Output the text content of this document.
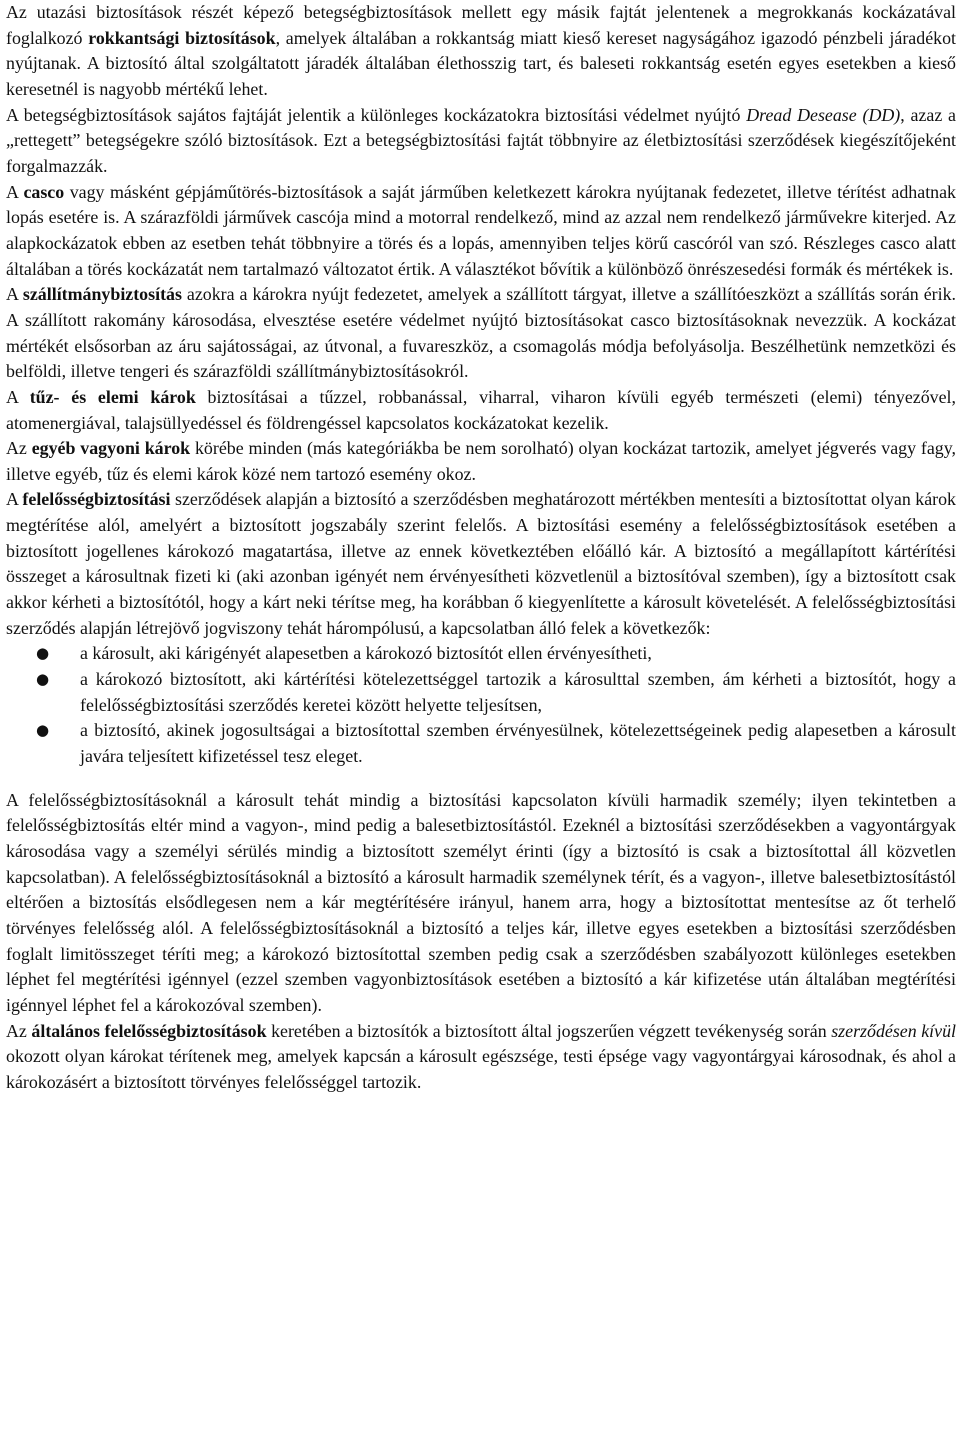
Az utazási biztosítások részét képező betegségbiztosítások mellett egy másik fajtát jelentenek a megrokkanás kockázatával foglalkozó rokkantsági biztosítások, amelyek általában a rokkantság miatt kieső kereset nagyságához igazodó pénzbeli járadékot nyújtanak. A biztosító által szolgáltatott járadék általában élethosszig tart, és baleseti rokkantság esetén egyes esetekben a kieső keresetnél is nagyobb mértékű lehet.

A betegségbiztosítások sajátos fajtáját jelentik a különleges kockázatokra biztosítási védelmet nyújtó Dread Desease (DD), azaz a „rettegett” betegségekre szóló biztosítások. Ezt a betegségbiztosítási fajtát többnyire az életbiztosítási szerződések kiegészítőjeként forgalmazzák.

A casco vagy másként gépjáműtörés-biztosítások a saját járműben keletkezett károkra nyújtanak fedezetet, illetve térítést adhatnak lopás esetére is. A szárazföldi járművek cascója mind a motorral rendelkező, mind az azzal nem rendelkező járművekre kiterjed. Az alapkockázatok ebben az esetben tehát többnyire a törés és a lopás, amennyiben teljes körű cascóról van szó. Részleges casco alatt általában a törés kockázatát nem tartalmazó változatot értik. A választékot bővítik a különböző önrészesedési formák és mértékek is.

A szállítmánybiztosítás azokra a károkra nyújt fedezetet, amelyek a szállított tárgyat, illetve a szállítóeszközt a szállítás során érik. A szállított rakomány károsodása, elvesztése esetére védelmet nyújtó biztosításokat casco biztosításoknak nevezzük. A kockázat mértékét elsősorban az áru sajátosságai, az útvonal, a fuvareszköz, a csomagolás módja befolyásolja. Beszélhetünk nemzetközi és belföldi, illetve tengeri és szárazföldi szállítmánybiztosításokról.

A tűz- és elemi károk biztosításai a tűzzel, robbanással, viharral, viharon kívüli egyéb természeti (elemi) tényezővel, atomenergiával, talajsüllyedéssel és földrengéssel kapcsolatos kockázatokat kezelik.

Az egyéb vagyoni károk körébe minden (más kategóriákba be nem sorolható) olyan kockázat tartozik, amelyet jégverés vagy fagy, illetve egyéb, tűz és elemi károk közé nem tartozó esemény okoz.

A felelősségbiztosítási szerződések alapján a biztosító a szerződésben meghatározott mértékben mentesíti a biztosítottat olyan károk megtérítése alól, amelyért a biztosított jogszabály szerint felelős. A biztosítási esemény a felelősségbiztosítások esetében a biztosított jogellenes károkozó magatartása, illetve az ennek következtében előálló kár. A biztosító a megállapított kártérítési összeget a károsultnak fizeti ki (aki azonban igényét nem érvényesítheti közvetlenül a biztosítóval szemben), így a biztosított csak akkor kérheti a biztosítótól, hogy a kárt neki térítse meg, ha korábban ő kiegyenlítette a károsult követelését. A felelősségbiztosítási szerződés alapján létrejövő jogviszony tehát hárompólusú, a kapcsolatban álló felek a következők:

● a károsult, aki kárigényét alapesetben a károkozó biztosítót ellen érvényesítheti,
● a károkozó biztosított, aki kártérítési kötelezettséggel tartozik a károsulttal szemben, ám kérheti a biztosítót, hogy a felelősségbiztosítási szerződés keretei között helyette teljesítsen,
● a biztosító, akinek jogosultságai a biztosítottal szemben érvényesülnek, kötelezettségeinek pedig alapesetben a károsult javára teljesített kifizetéssel tesz eleget.

A felelősségbiztosításoknál a károsult tehát mindig a biztosítási kapcsolaton kívüli harmadik személy; ilyen tekintetben a felelősségbiztosítás eltér mind a vagyon-, mind pedig a balesetbiztosítástól. Ezeknél a biztosítási szerződésekben a vagyontárgyak károsodása vagy a személyi sérülés mindig a biztosított személyt érinti (így a biztosító is csak a biztosítottal áll közvetlen kapcsolatban). A felelősségbiztosításoknál a biztosító a károsult harmadik személynek térít, és a vagyon-, illetve balesetbiztosítástól eltérően a biztosítás elsődlegesen nem a kár megtérítésére irányul, hanem arra, hogy a biztosítottat mentesítse az őt terhelő törvényes felelősség alól. A felelősségbiztosításoknál a biztosító a teljes kár, illetve egyes esetekben a biztosítási szerződésben foglalt limitösszeget téríti meg; a károkozó biztosítottal szemben pedig csak a szerződésben szabályozott különleges esetekben léphet fel megtérítési igénnyel (ezzel szemben vagyonbiztosítások esetében a biztosító a kár kifizetése után általában megtérítési igénnyel léphet fel a károkozóval szemben).

Az általános felelősségbiztosítások keretében a biztosítók a biztosított által jogszerűen végzett tevékenység során szerződésen kívül okozott olyan károkat térítenek meg, amelyek kapcsán a károsult egészsége, testi épsége vagy vagyontárgyai károsodnak, és ahol a károkozásért a biztosított törvényes felelősséggel tartozik.
